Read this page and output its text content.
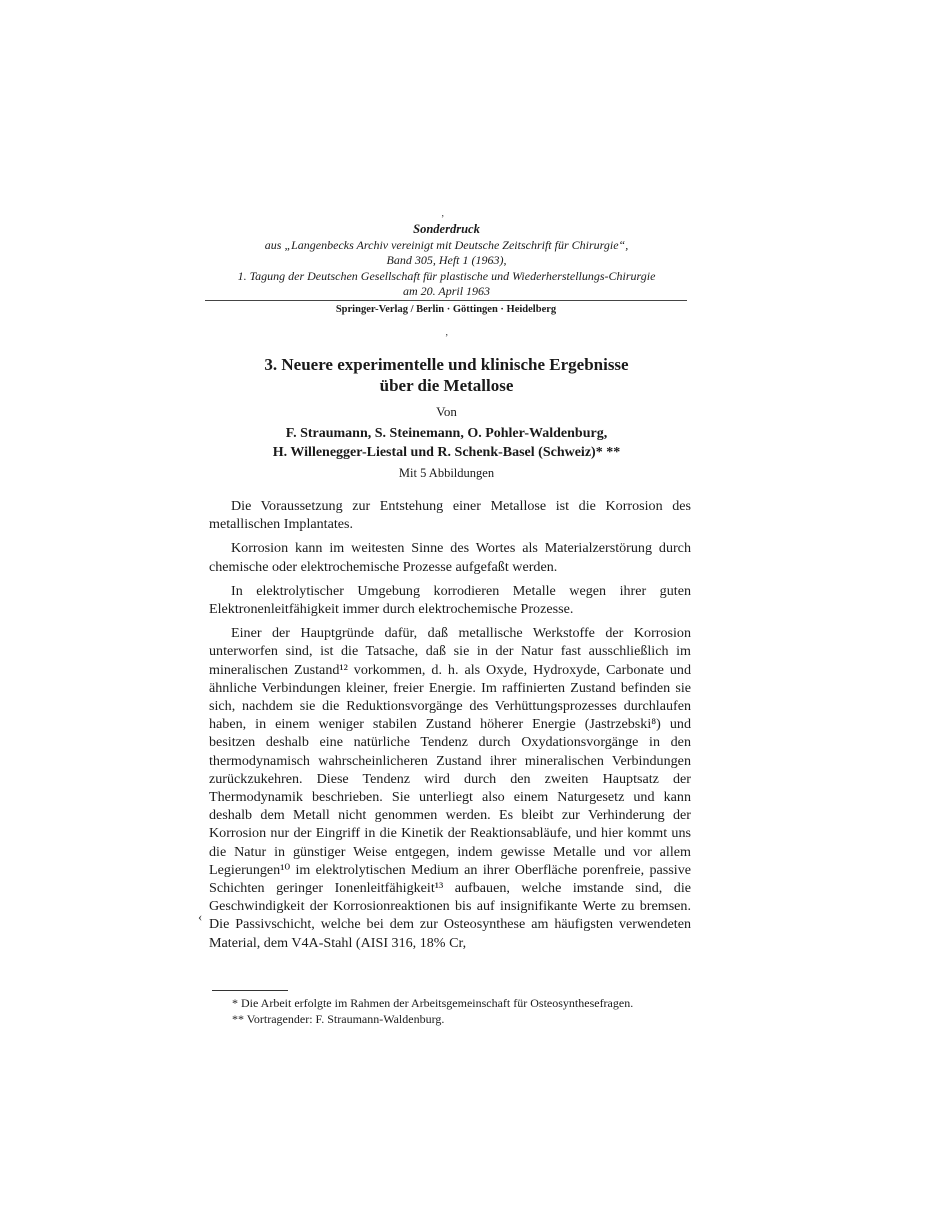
Sonderdruck
aus „Langenbecks Archiv vereinigt mit Deutsche Zeitschrift für Chirurgie“,
Band 305, Heft 1 (1963),
1. Tagung der Deutschen Gesellschaft für plastische und Wiederherstellungs-Chirurgie
am 20. April 1963
Springer-Verlag / Berlin · Göttingen · Heidelberg
’
’
‹
3. Neuere experimentelle und klinische Ergebnisse
über die Metallose
Von
F. Straumann, S. Steinemann, O. Pohler-Waldenburg,
H. Willenegger-Liestal und R. Schenk-Basel (Schweiz)* **
Mit 5 Abbildungen

Die Voraussetzung zur Entstehung einer Metallose ist die Korrosion des metallischen Implantates.

Korrosion kann im weitesten Sinne des Wortes als Materialzerstörung durch chemische oder elektrochemische Prozesse aufgefaßt werden.

In elektrolytischer Umgebung korrodieren Metalle wegen ihrer guten Elektronenleitfähigkeit immer durch elektrochemische Prozesse.

Einer der Hauptgründe dafür, daß metallische Werkstoffe der Korrosion unterworfen sind, ist die Tatsache, daß sie in der Natur fast ausschließlich im mineralischen Zustand¹² vorkommen, d. h. als Oxyde, Hydroxyde, Carbonate und ähnliche Verbindungen kleiner, freier Energie. Im raffinierten Zustand befinden sie sich, nachdem sie die Reduktionsvorgänge des Verhüttungsprozesses durchlaufen haben, in einem weniger stabilen Zustand höherer Energie (Jastrzebski⁸) und besitzen deshalb eine natürliche Tendenz durch Oxydationsvorgänge in den thermodynamisch wahrscheinlicheren Zustand ihrer mineralischen Verbindungen zurückzukehren. Diese Tendenz wird durch den zweiten Hauptsatz der Thermodynamik beschrieben. Sie unterliegt also einem Naturgesetz und kann deshalb dem Metall nicht genommen werden. Es bleibt zur Verhinderung der Korrosion nur der Eingriff in die Kinetik der Reaktionsabläufe, und hier kommt uns die Natur in günstiger Weise entgegen, indem gewisse Metalle und vor allem Legierungen¹⁰ im elektrolytischen Medium an ihrer Oberfläche porenfreie, passive Schichten geringer Ionenleitfähigkeit¹³ aufbauen, welche imstande sind, die Geschwindigkeit der Korrosionreaktionen bis auf insignifikante Werte zu bremsen. Die Passivschicht, welche bei dem zur Osteosynthese am häufigsten verwendeten Material, dem V4A-Stahl (AISI 316, 18% Cr,

* Die Arbeit erfolgte im Rahmen der Arbeitsgemeinschaft für Osteosynthesefragen.

** Vortragender: F. Straumann-Waldenburg.
